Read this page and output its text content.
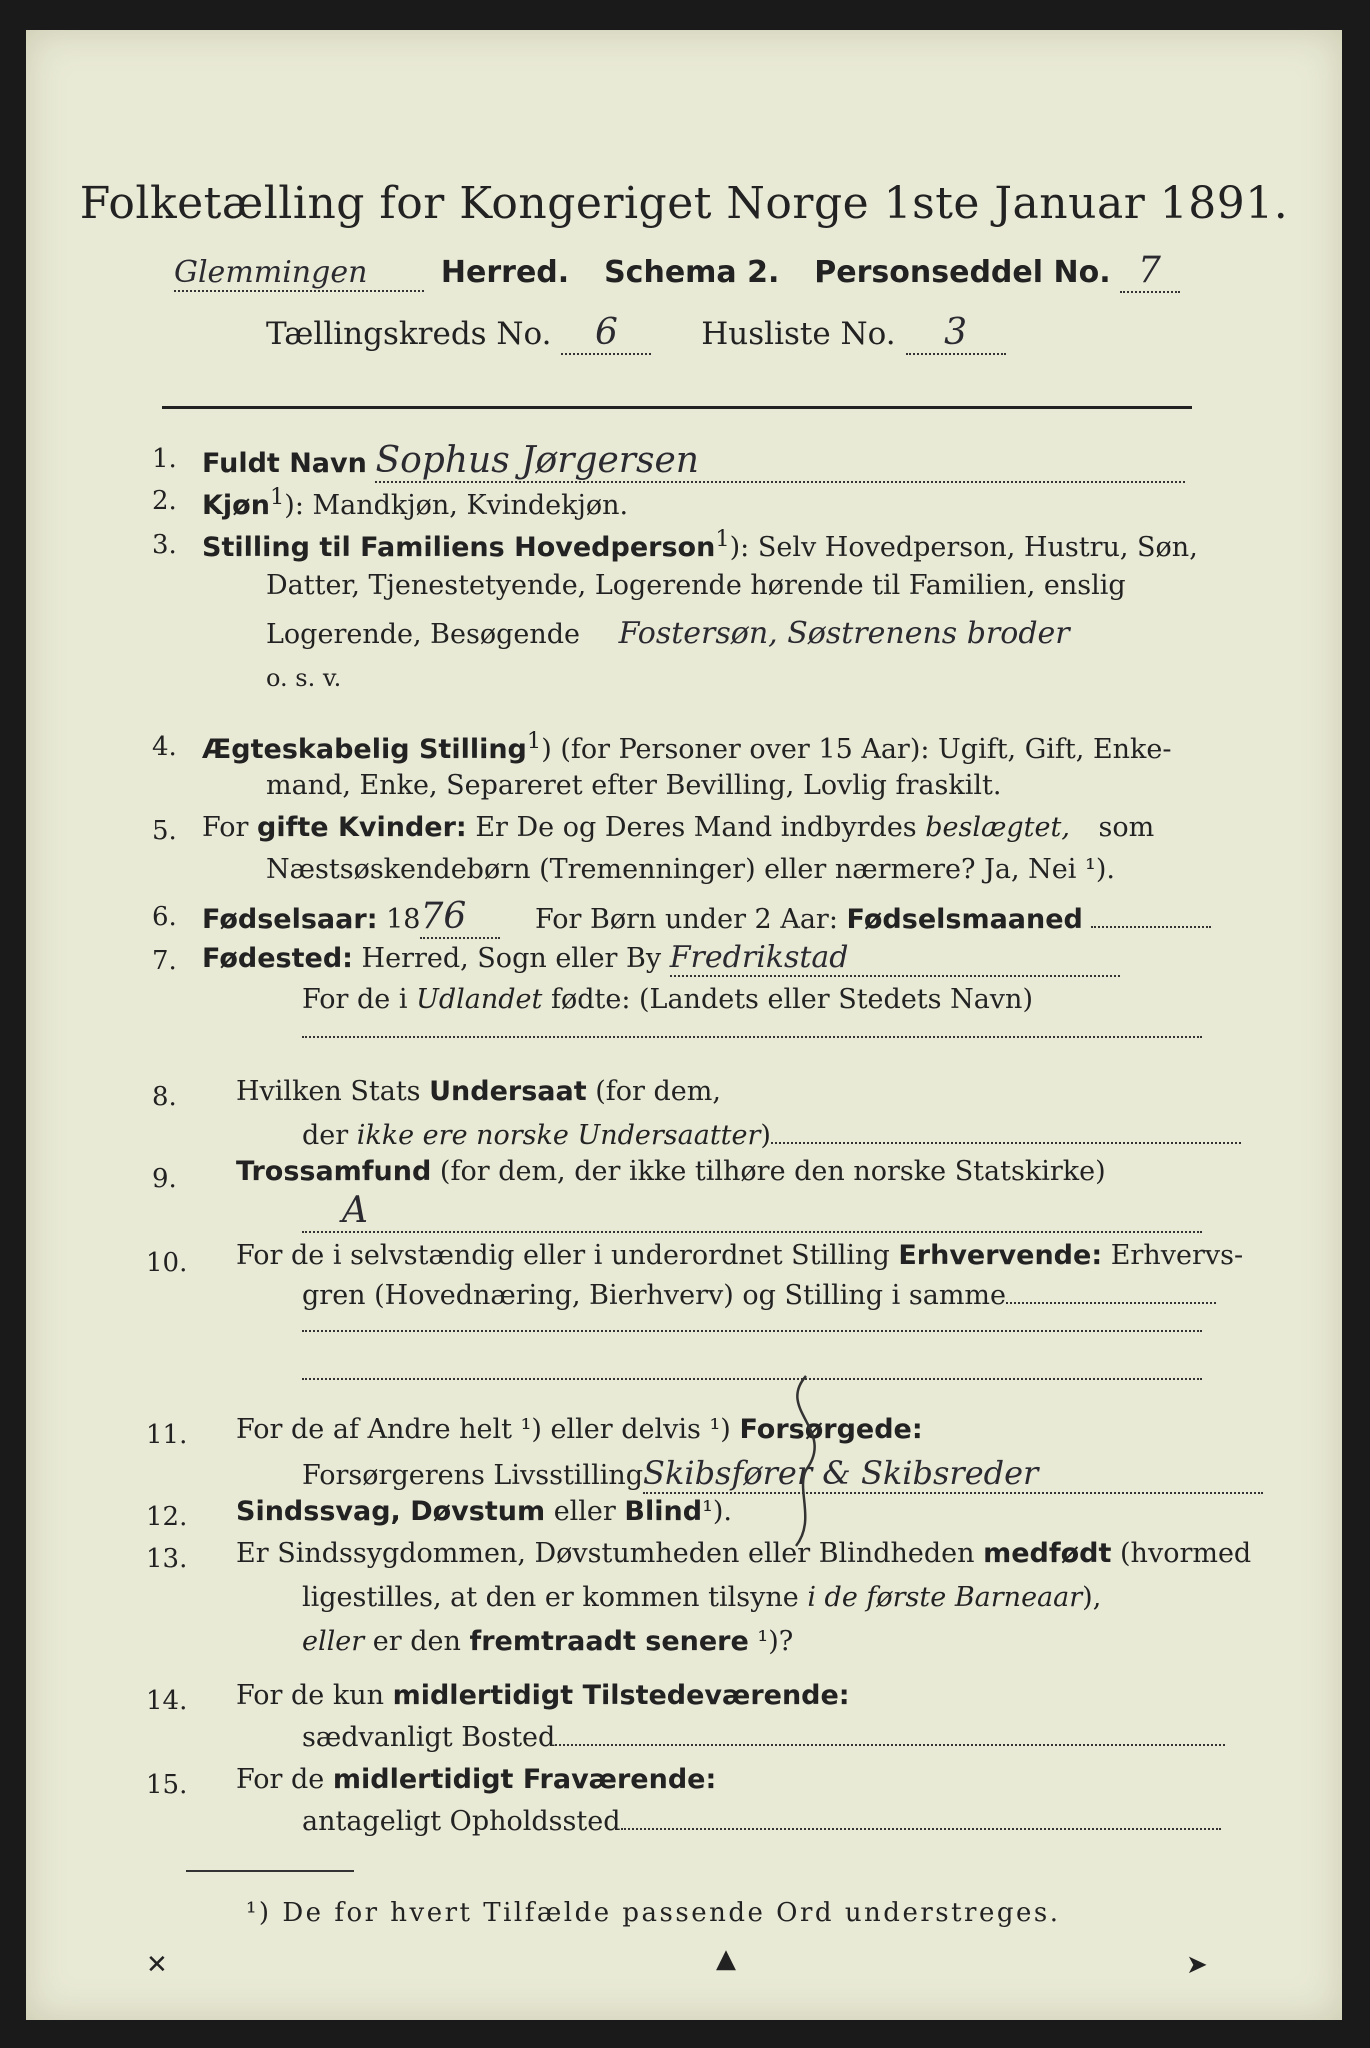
Folketælling for Kongeriget Norge 1ste Januar 1891.
Glemmingen Herred. Schema 2. Personseddel No. 7
Tællingskreds No. 6	Husliste No. 3
1. Fuldt Navn Sophus Jørgersen
2. Kjøn$^1$): Mandkjøn, Kvindekjøn.
3. Stilling til Familiens Hovedperson$^1$): Selv Hovedperson, Hustru, Søn,
Datter, Tjenestetyende, Logerende hørende til Familien, enslig
Logerende, Besøgende Fostersøn, Søstrenens broder
o. s. v.
4. Ægteskabelig Stilling$^1$) (for Personer over 15 Aar): Ugift, Gift, Enke-
mand, Enke, Separeret efter Bevilling, Lovlig fraskilt.
5. For gifte Kvinder: Er De og Deres Mand indbyrdes beslægtet, som
Næstsøskendebørn (Tremenninger) eller nærmere? Ja, Nei ¹).
6. Fødselsaar: 1876	For Børn under 2 Aar: Fødselsmaaned
7. Fødested: Herred, Sogn eller By Fredrikstad
For de i Udlandet fødte: (Landets eller Stedets Navn)
8. Hvilken Stats Undersaat (for dem,
der ikke ere norske Undersaatter)
9. Trossamfund (for dem, der ikke tilhøre den norske Statskirke)
A
10. For de i selvstændig eller i underordnet Stilling Erhvervende: Erhvervs-
gren (Hovednæring, Bierhverv) og Stilling i samme
11. For de af Andre helt ¹) eller delvis ¹) Forsørgede:
Forsørgerens LivsstillingSkibsfører & Skibsreder
12. Sindssvag, Døvstum eller Blind¹).
13. Er Sindssygdommen, Døvstumheden eller Blindheden medfødt (hvormed
ligestilles, at den er kommen tilsyne i de første Barneaar),
eller er den fremtraadt senere ¹)?
14. For de kun midlertidigt Tilstedeværende:
sædvanligt Bosted
15. For de midlertidigt Fraværende:
antageligt Opholdssted
¹) De for hvert Tilfælde passende Ord understreges.
✕	▲	➤
